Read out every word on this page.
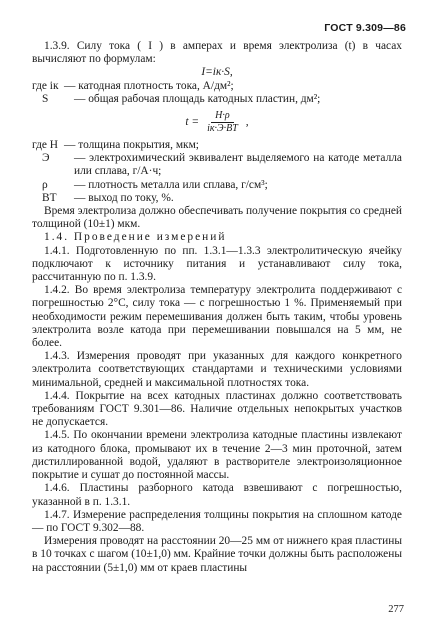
ГОСТ 9.309—86

1.3.9. Силу тока ( I ) в амперах и время электролиза (t) в часах вычисляют по формулам:

I=iк·S,

где iк — катодная плотность тока, А/дм²;
S	— общая рабочая площадь катодных пластин, дм²;
$t = \frac{H\cdot\rho}{iк\cdot Э\cdot BT}$ ,
где H — толщина покрытия, мкм;
Э	— электрохимический эквивалент выделяемого на катоде металла или сплава, г/А·ч;
ρ	— плотность металла или сплава, г/см³;
BT	— выход по току, %.

Время электролиза должно обеспечивать получение покрытия со средней толщиной (10±1) мкм.

1.4. Проведение измерений

1.4.1. Подготовленную по пп. 1.3.1—1.3.3 электролитическую ячейку подключают к источнику питания и устанавливают силу тока, рассчитанную по п. 1.3.9.

1.4.2. Во время электролиза температуру электролита поддерживают с погрешностью 2°С, силу тока — с погрешностью 1 %. Применяемый при необходимости режим перемешивания должен быть таким, чтобы уровень электролита возле катода при перемешивании повышался на 5 мм, не более.

1.4.3. Измерения проводят при указанных для каждого конкретного электролита соответствующих стандартами и техническими условиями минимальной, средней и максимальной плотностях тока.

1.4.4. Покрытие на всех катодных пластинах должно соответствовать требованиям ГОСТ 9.301—86. Наличие отдельных непокрытых участков не допускается.

1.4.5. По окончании времени электролиза катодные пластины извлекают из катодного блока, промывают их в течение 2—3 мин проточной, затем дистиллированной водой, удаляют в растворителе электроизоляционное покрытие и сушат до постоянной массы.

1.4.6. Пластины разборного катода взвешивают с погрешностью, указанной в п. 1.3.1.

1.4.7. Измерение распределения толщины покрытия на сплошном катоде — по ГОСТ 9.302—88.

Измерения проводят на расстоянии 20—25 мм от нижнего края пластины в 10 точках с шагом (10±1,0) мм. Крайние точки должны быть расположены на расстоянии (5±1,0) мм от краев пластины

277
